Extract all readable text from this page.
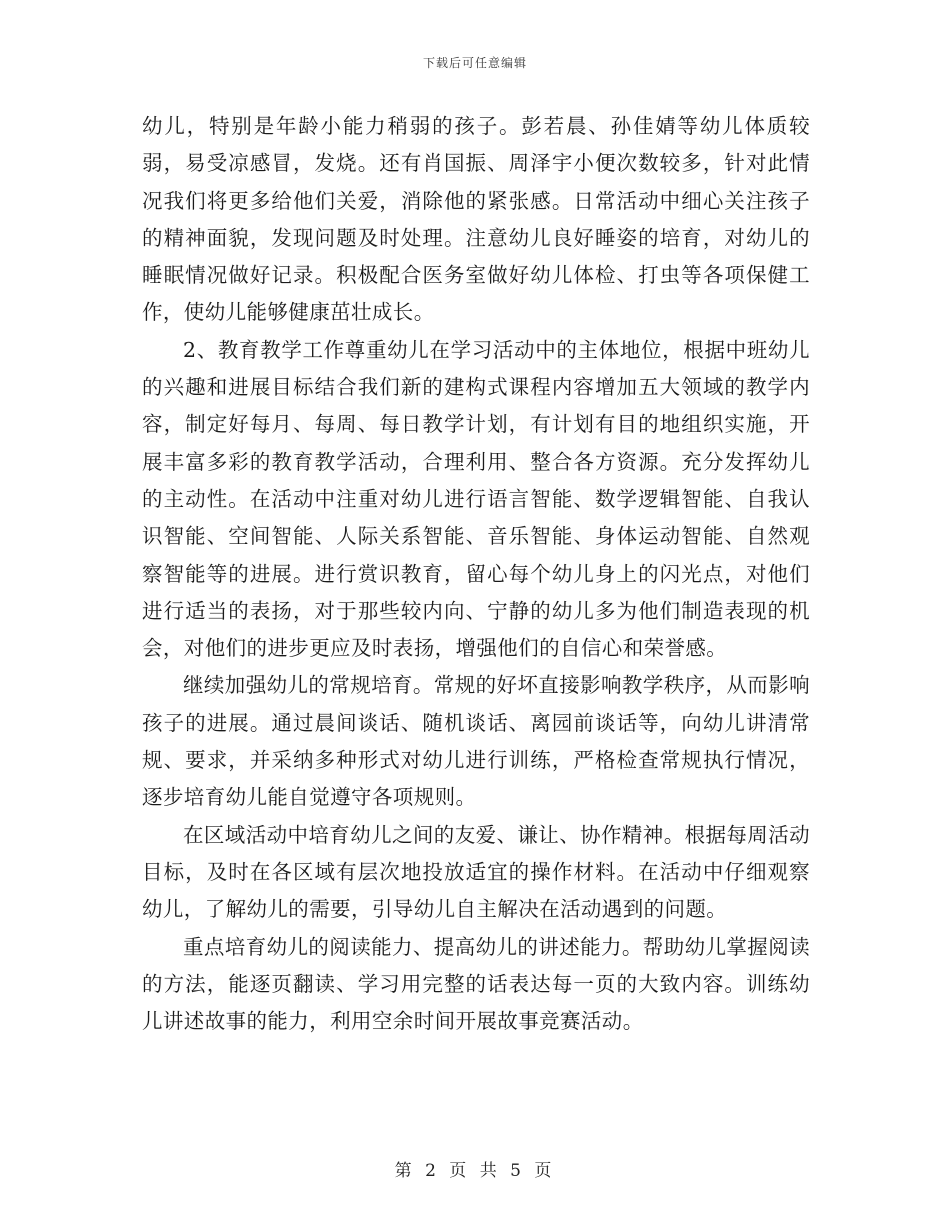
下载后可任意编辑

幼儿，特别是年龄小能力稍弱的孩子。彭若晨、孙佳婧等幼儿体质较弱，易受凉感冒，发烧。还有肖国振、周泽宇小便次数较多，针对此情况我们将更多给他们关爱，消除他的紧张感。日常活动中细心关注孩子的精神面貌，发现问题及时处理。注意幼儿良好睡姿的培育，对幼儿的睡眠情况做好记录。积极配合医务室做好幼儿体检、打虫等各项保健工作，使幼儿能够健康茁壮成长。

2、教育教学工作尊重幼儿在学习活动中的主体地位，根据中班幼儿的兴趣和进展目标结合我们新的建构式课程内容增加五大领域的教学内容，制定好每月、每周、每日教学计划，有计划有目的地组织实施，开展丰富多彩的教育教学活动，合理利用、整合各方资源。充分发挥幼儿的主动性。在活动中注重对幼儿进行语言智能、数学逻辑智能、自我认识智能、空间智能、人际关系智能、音乐智能、身体运动智能、自然观察智能等的进展。进行赏识教育，留心每个幼儿身上的闪光点，对他们进行适当的表扬，对于那些较内向、宁静的幼儿多为他们制造表现的机会，对他们的进步更应及时表扬，增强他们的自信心和荣誉感。

继续加强幼儿的常规培育。常规的好坏直接影响教学秩序，从而影响孩子的进展。通过晨间谈话、随机谈话、离园前谈话等，向幼儿讲清常规、要求，并采纳多种形式对幼儿进行训练，严格检查常规执行情况，逐步培育幼儿能自觉遵守各项规则。

在区域活动中培育幼儿之间的友爱、谦让、协作精神。根据每周活动目标，及时在各区域有层次地投放适宜的操作材料。在活动中仔细观察幼儿，了解幼儿的需要，引导幼儿自主解决在活动遇到的问题。

重点培育幼儿的阅读能力、提高幼儿的讲述能力。帮助幼儿掌握阅读的方法，能逐页翻读、学习用完整的话表达每一页的大致内容。训练幼儿讲述故事的能力，利用空余时间开展故事竞赛活动。

第 2 页 共 5 页
